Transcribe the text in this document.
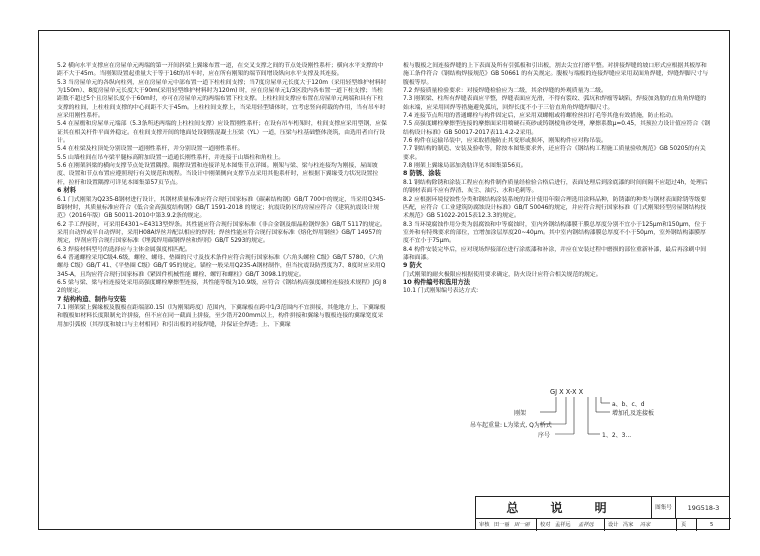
5.2 横向水平支撑应在房屋单元两端的第一开间斜梁上翼缘布置一道，在交叉支撑之间的节点处设刚性系杆；横向水平支撑的中距不大于45m。当刚架设置起重量大于等于16t的吊车时，应在所有刚架的端节间增设纵向水平支撑及其连接。
5.3 当房屋单元的各纵向柱列，应在房屋单元中部布置一道下柱柱间支撑；当7度房屋单元长度大于120m（采用轻型维护材料时为150m）、8度房屋单元长度大于90m(采用轻型维护材料时为120m) 时，应在房屋单元1/3区段内各布置一道下柱支撑；当柱距数不超过5个且房屋长度小于60m时，亦可在房屋单元的两端布置下柱支撑。上柱柱间支撑应布置在房屋单元两端和具有下柱支撑的柱间，上柱柱间支撑的中心间距不大于45m。上柱柱间支撑上，当采用轻型墙体时，宜考虑竖向荷载的作用，当有吊车时应采用刚性系杆。
5.4 在屋檐和房屋单元端部（5.3条所述两端的上柱柱间支撑）应设置刚性系杆；在设有吊车桁架时，柱间支撑应采用型钢，应保证其在相关杆件平面外稳定。在柱间支撑开间的地面处设钢筋混凝土压梁（YL）一道，压梁与柱基础整体浇筑，由选用者自行设计。
5.4 在柱梁及柱顶处分别设置一道刚性系杆，并分别设置一道刚性系杆。
5.5 山墙柱间在吊车梁平腿标高附加设置一道通长刚性系杆，并连接于山墙柱和角柱上。
5.6 在刚架斜梁的横向支撑节点处设置隅撑。隅撑设置和连接详见本图集节点详图。刚架与梁、梁与柱连接均为刚接，屋面坡度、设置和节点布置应遵照现行有关规范和规程。当设计中刚架侧向支撑节点采用其他系杆时，应根据下翼缘受力状况设置拉杆，拉杆和设置隅撑可详见本图集第57页节点。
6 材料
6.1 门式刚架为Q235-B钢材进行设计，其钢材质量标准应符合现行国家标准《碳素结构钢》GB/T 700中的规定，当采用Q345-B钢材时，其质量标准应符合《低合金高强度结构钢》GB/T 1591-2018 的规定；抗震设防区的房屋应符合《建筑抗震设计规范》（2016年版）GB 50011-2010中第3.9.2条的规定。
6.2 手工焊接时，可采用E4301~E4313型焊条。其性能应符合现行国家标准《非合金钢及细晶粒钢焊条》GB/T 5117的规定。采用自动焊或半自动焊时，采用H08A焊丝并配以相应的焊剂；焊丝性能应符合现行国家标准《熔化焊用钢丝》GB/T 14957的规定，焊剂应符合现行国家标准《埋弧焊用碳钢焊丝和焊剂》GB/T 5293的规定。
6.3 焊接材料型号的选择应与主体金属强度相匹配。
6.4 普通螺栓采用C级4.6级，螺栓、螺母、垫圈的尺寸及技术条件应符合现行国家标准《六角头螺栓 C级》GB/T 5780、《六角螺母 C级》GB/T 41、《平垫圈 C级》GB/T 95的规定。锚栓一般采用Q235-A钢材制作，但当抗震设防烈度为7、8度时应采用Q345-A，且均应符合现行国家标准《紧固件机械性能 螺栓、螺钉和螺柱》GB/T 3098.1的规定。
6.5 梁与梁、梁与柱连接处采用高强度螺栓摩擦型连接，其性能等级为10.9级，应符合《钢结构高强度螺栓连接技术规程》JGJ 82的规定。
7 结构构造、制作与安装
7.1 刚架梁上翼缘板及腹板在距端部0.15l（l为刚架跨度）范围内，下翼缘板在跨中1/3范围内不宜拼接，其他地方上、下翼缘板和腹板如材料长度限制允许拼接，但不应在同一截面上拼接，至少错开200mm以上，构件拼接和翼缘与腹板连接的翼缘宽度采用加引弧板（其厚度和坡口与主材相同）和引出板的对接焊缝，并保证全焊透；上、下翼缘
板与腹板之间连接焊缝的上下表面及所有引弧板和引出板，割去尖宜打磨平整。对拼接焊缝的坡口形式应根据其板厚和施工条件符合《钢结构焊接规范》GB 50661 的有关规定。腹板与端板的连接焊缝应采用双面角焊缝，焊缝焊脚尺寸与腹板等厚。
7.2 焊接质量检验要求：对接焊缝检验应为二级，其余焊缝的外观质量为二级。
7.3 刚架梁、柱所有焊缝表面应平整，焊缝表面应光滑，不得有裂纹、弧坑和焊瘤等缺陷，焊接加劲肋的直角角焊缝的始末端，应采用回焊等措施避免弧坑，回焊长度不小于三倍直角角焊缝焊脚尺寸。
7.4 连接节点所用的普通螺栓与构件固定后，应采用双螺帽或将螺栓丝扣打毛等其他有效措施，防止松动。
7.5 高强度螺栓摩擦型连接的摩擦面采用喷硬石英砂或铸钢棱角砂处理，摩擦系数μ=0.45，其预拉力设计值应符合《钢结构设计标准》GB 50017-2017表11.4.2-2采用。
7.6 构件在运输吊装中，应采取措施防止其变形或损坏，刚架构件应对称吊装。
7.7 钢结构的制造、安装及验收等，除按本图集要求外，还应符合《钢结构工程施工质量验收规范》GB 50205的有关要求。
7.8 刚架上翼缘局部加劲肋详见本图集第56页。
8 防锈、涂装
8.1 钢结构除锈和涂装工程应在构件制作质量经检验合格后进行，表面处理后到涂底漆的时间间隔不应超过4h，处理后的钢材表面不应有焊渣、灰尘、油污、水和毛刺等。
8.2 应根据环境侵蚀性分类和钢结构涂装系统的设计使用年限合理选用涂料品种，防锈漆的种类与钢材表面除锈等级要匹配，应符合《工业建筑防腐蚀设计标准》GB/T 50046的规定，并应符合现行国家标准《门式刚架轻型房屋钢结构技术规范》GB 51022-2015表12.3.3的规定。
8.3 当环境腐蚀作用分类为弱腐蚀和中等腐蚀时，室内外钢结构漆膜干膜总厚度分别不宜小于125μm和150μm，位于室外和有特殊要求的部位，宜增加涂层厚度20~40μm。其中室内钢结构漆膜总厚度不小于50μm，室外钢结构漆膜厚度不宜小于75μm。
8.4 构件安装完毕后，应对现场焊接部位进行涂底漆和补涂，并应在安装过程中磨损的部位重新补漆，最后再涂刷中间漆和面漆。
9 防火
门式刚架的耐火极限应根据使用要求确定，防火设计应符合相关规范的规定。
10 构件编号和选用方法
10.1 门式刚架编号表达方式:
GJ X X-X X
刚架
a、b、c、d
增加孔及连接板
吊车起重量: L为梁式, Q为桥式
序号	1、2、3...
总 说 明	图集号	19G518-3
审核 田一丽 田一丽 校对 孟祥远 孟祥远	设计 冯家 冯家	页	5
